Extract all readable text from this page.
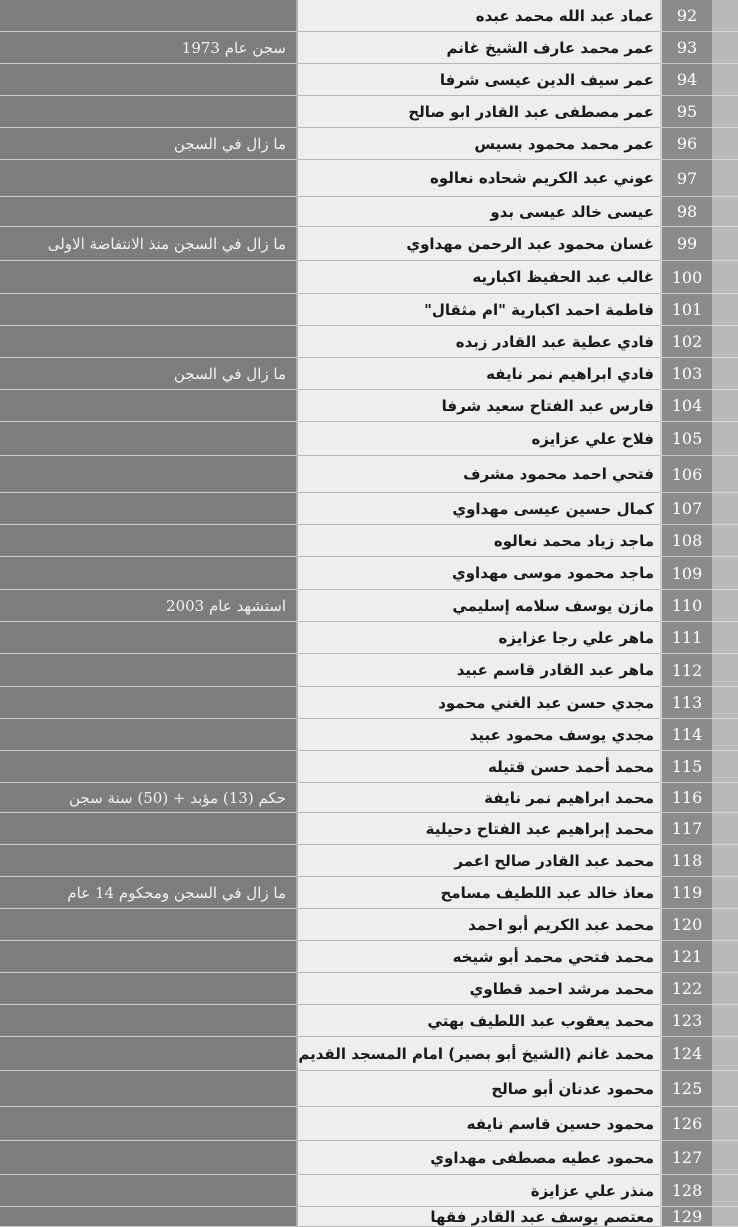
عماد عبد الله محمد عبده	92
سجن عام 1973	عمر محمد عارف الشيخ غانم	93
عمر سيف الدين عيسى شرفا	94
عمر مصطفى عبد القادر ابو صالح	95
ما زال في السجن	عمر محمد محمود بسيس	96
عوني عبد الكريم شحاده نعالوه	97
عيسى خالد عيسى بدو	98
ما زال في السجن منذ الانتفاضة الاولى	غسان محمود عبد الرحمن مهداوي	99
غالب عبد الحفيظ اكباريه	100
فاطمة احمد اكبارية "ام مثقال"	101
فادي عطية عبد القادر زبده	102
ما زال في السجن	فادي ابراهيم نمر نايفه	103
فارس عبد الفتاح سعيد شرفا	104
فلاح علي عزايزه	105
فتحي احمد محمود مشرف	106
كمال حسين عيسى مهداوي	107
ماجد زياد محمد نعالوه	108
ماجد محمود موسى مهداوي	109
استشهد عام 2003	مازن يوسف سلامه إسليمي	110
ماهر علي رجا عزايزه	111
ماهر عبد القادر قاسم عبيد	112
مجدي حسن عبد الغني محمود	113
مجدي يوسف محمود عبيد	114
محمد أحمد حسن قتيله	115
حكم (13) مؤبد + (50) سنة سجن	محمد ابراهيم نمر نايفة	116
محمد إبراهيم عبد الفتاح دحيلية	117
محمد عبد القادر صالح اعمر	118
ما زال في السجن ومحكوم 14 عام	معاذ خالد عبد اللطيف مسامح	119
محمد عبد الكريم أبو احمد	120
محمد فتحي محمد أبو شيخه	121
محمد مرشد احمد قطاوي	122
محمد يعقوب عبد اللطيف بهتي	123
محمد غانم (الشيخ أبو بصير) امام المسجد القديم	124
محمود عدنان أبو صالح	125
محمود حسين قاسم نايفه	126
محمود عطيه مصطفى مهداوي	127
منذر علي عزايزة	128
معتصم يوسف عبد القادر فقها	129
